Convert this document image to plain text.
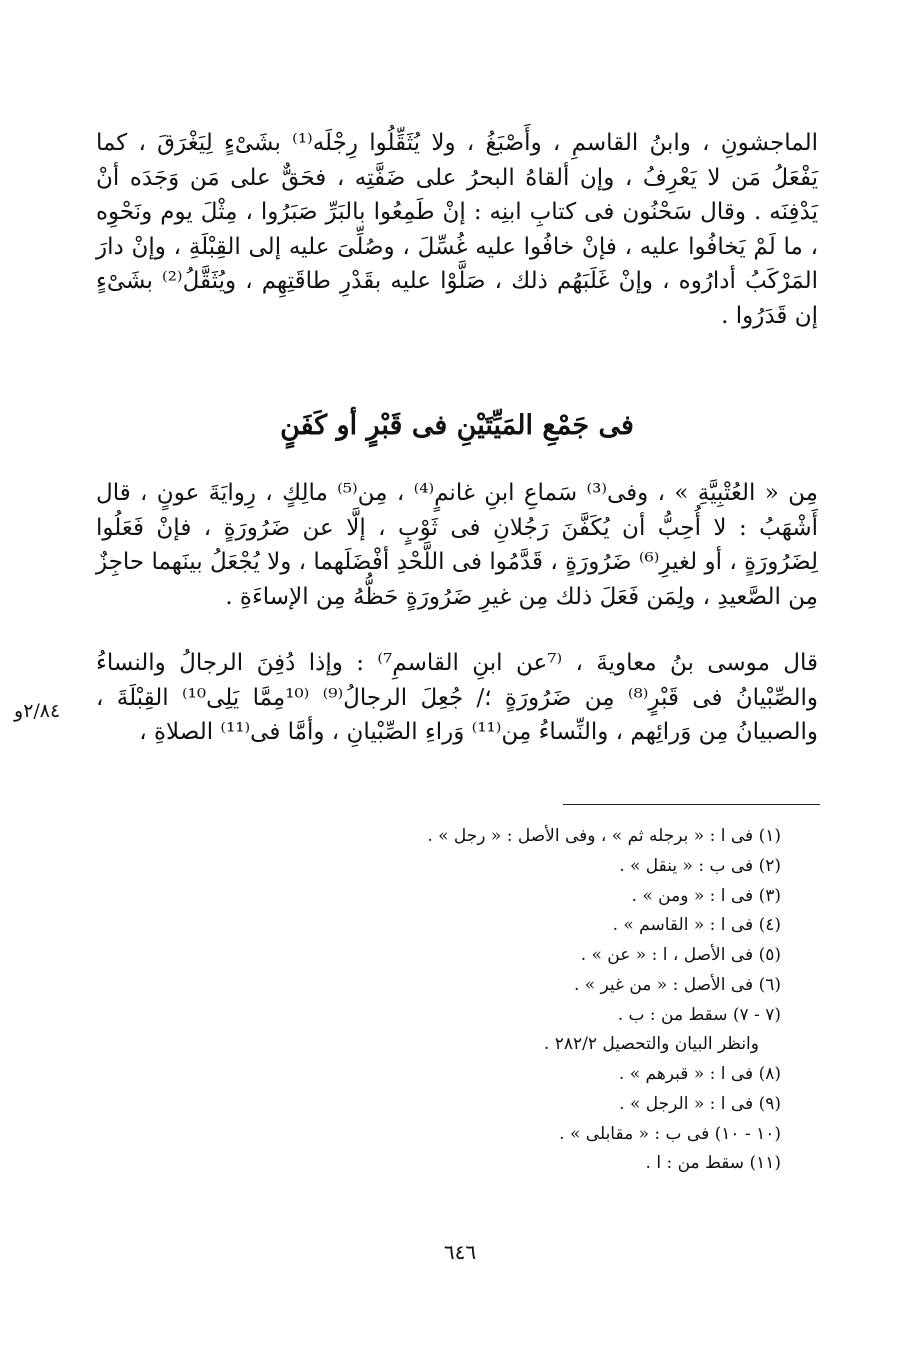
الماجشونِ ، وابنُ القاسمِ ، وأَصْبَغُ ، ولا يُثَقِّلُوا رِجْلَه⁽¹⁾ بشَىْءٍ لِيَغْرَقَ ، كما يَفْعَلُ مَن لا يَعْرِفُ ، وإن ألقاهُ البحرُ على ضَفَّتِه ، فحَقٌّ على مَن وَجَدَه أنْ يَدْفِنَه . وقال سَحْنُون فى كتابِ ابنِه : إنْ طَمِعُوا بالبَرِّ صَبَرُوا ، مِثْلَ يوم ونَحْوِه ، ما لَمْ يَخافُوا عليه ، فإنْ خافُوا عليه غُسِّلَ ، وصُلِّىَ عليه إلى القِبْلَةِ ، وإنْ دارَ المَرْكَبُ أدارُوه ، وإنْ غَلَبَهُم ذلك ، صَلَّوْا عليه بقَدْرِ طاقَتِهِم ، ويُثَقَّلُ⁽²⁾ بشَىْءٍ إن قَدَرُوا .
فى جَمْعِ المَيِّتَيْنِ فى قَبْرٍ أو كَفَنٍ
مِن « العُتْبِيَّةِ » ، وفى⁽³⁾ سَماعِ ابنِ غانمٍ⁽⁴⁾ ، مِن⁽⁵⁾ مالِكٍ ، رِوايَةَ عونٍ ، قال أَشْهَبُ : لا أُحِبُّ أن يُكَفَّنَ رَجُلانِ فى ثَوْبٍ ، إلَّا عن ضَرُورَةٍ ، فإنْ فَعَلُوا لِضَرُورَةٍ ، أو لغيرِ⁽⁶⁾ ضَرُورَةٍ ، قَدَّمُوا فى اللَّحْدِ أفْضَلَهما ، ولا يُجْعَلُ بينَهما حاجِزٌ مِن الصَّعيدِ ، ولِمَن فَعَلَ ذلك مِن غيرِ ضَرُورَةٍ حَظُّهُ مِن الإساءَةِ .
٢/٨٤و
قال موسى بنُ معاويةَ ، ⁽⁷عن ابنِ القاسمِ⁷⁾ : وإذا دُفِنَ الرجالُ والنساءُ والصِّبْيانُ فى قَبْرٍ⁽⁸⁾ مِن ضَرُورَةٍ ؛/ جُعِلَ الرجالُ⁽⁹⁾ ⁽¹⁰مِمَّا يَلِى¹⁰⁾ القِبْلَةَ ، والصبيانُ مِن وَرائِهم ، والنِّساءُ مِن⁽¹¹⁾ وَراءِ الصِّبْيانِ ، وأمَّا فى⁽¹¹⁾ الصلاةِ ،
(١) فى ا : « برجله ثم » ، وفى الأصل : « رجل » .
(٢) فى ب : « ينقل » .
(٣) فى ا : « ومن » .
(٤) فى ا : « القاسم » .
(٥) فى الأصل ، ا : « عن » .
(٦) فى الأصل : « من غير » .
(٧ - ٧) سقط من : ب .
وانظر البيان والتحصيل ٢٨٢/٢ .
(٨) فى ا : « قبرهم » .
(٩) فى ا : « الرجل » .
(١٠ - ١٠) فى ب : « مقابلى » .
(١١) سقط من : ا .
٦٤٦
